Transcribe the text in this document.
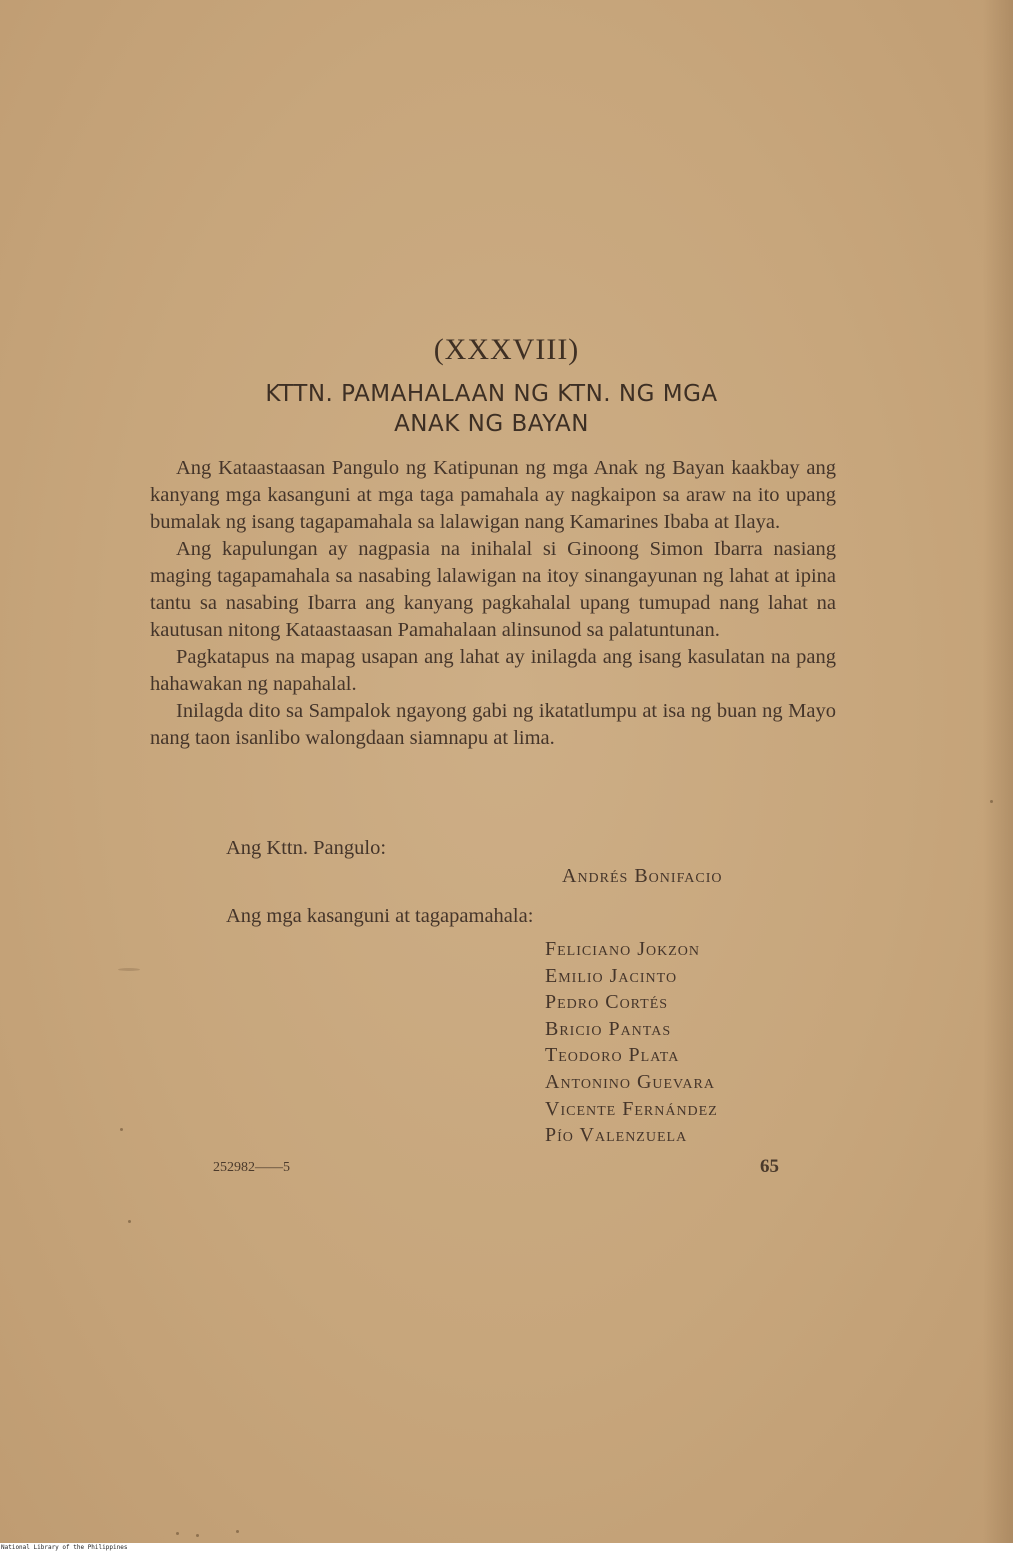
(XXXVIII)
KTTN. PAMAHALAAN NG KTN. NG MGA
ANAK NG BAYAN

Ang Kataastaasan Pangulo ng Katipunan ng mga Anak ng Bayan kaakbay ang kanyang mga kasanguni at mga taga pamahala ay nagkaipon sa araw na ito upang bumalak ng isang tagapamahala sa lalawigan nang Kamarines Ibaba at Ilaya.

Ang kapulungan ay nagpasia na inihalal si Ginoong Simon Ibarra nasiang maging tagapamahala sa nasabing lalawigan na itoy sinangayunan ng lahat at ipina tantu sa nasabing Ibarra ang kanyang pagkahalal upang tumupad nang lahat na kautusan nitong Kataastaasan Pamahalaan alinsunod sa palatuntunan.

Pagkatapus na mapag usapan ang lahat ay inilagda ang isang kasulatan na pang hahawakan ng napahalal.

Inilagda dito sa Sampalok ngayong gabi ng ikatatlumpu at isa ng buan ng Mayo nang taon isanlibo walongdaan siamnapu at lima.

Ang Kttn. Pangulo:
Andrés Bonifacio
Ang mga kasanguni at tagapamahala:
Feliciano Jokzon
Emilio Jacinto
Pedro Cortés
Bricio Pantas
Teodoro Plata
Antonino Guevara
Vicente Fernández
Pío Valenzuela
252982——5	65
National Library of the Philippines
